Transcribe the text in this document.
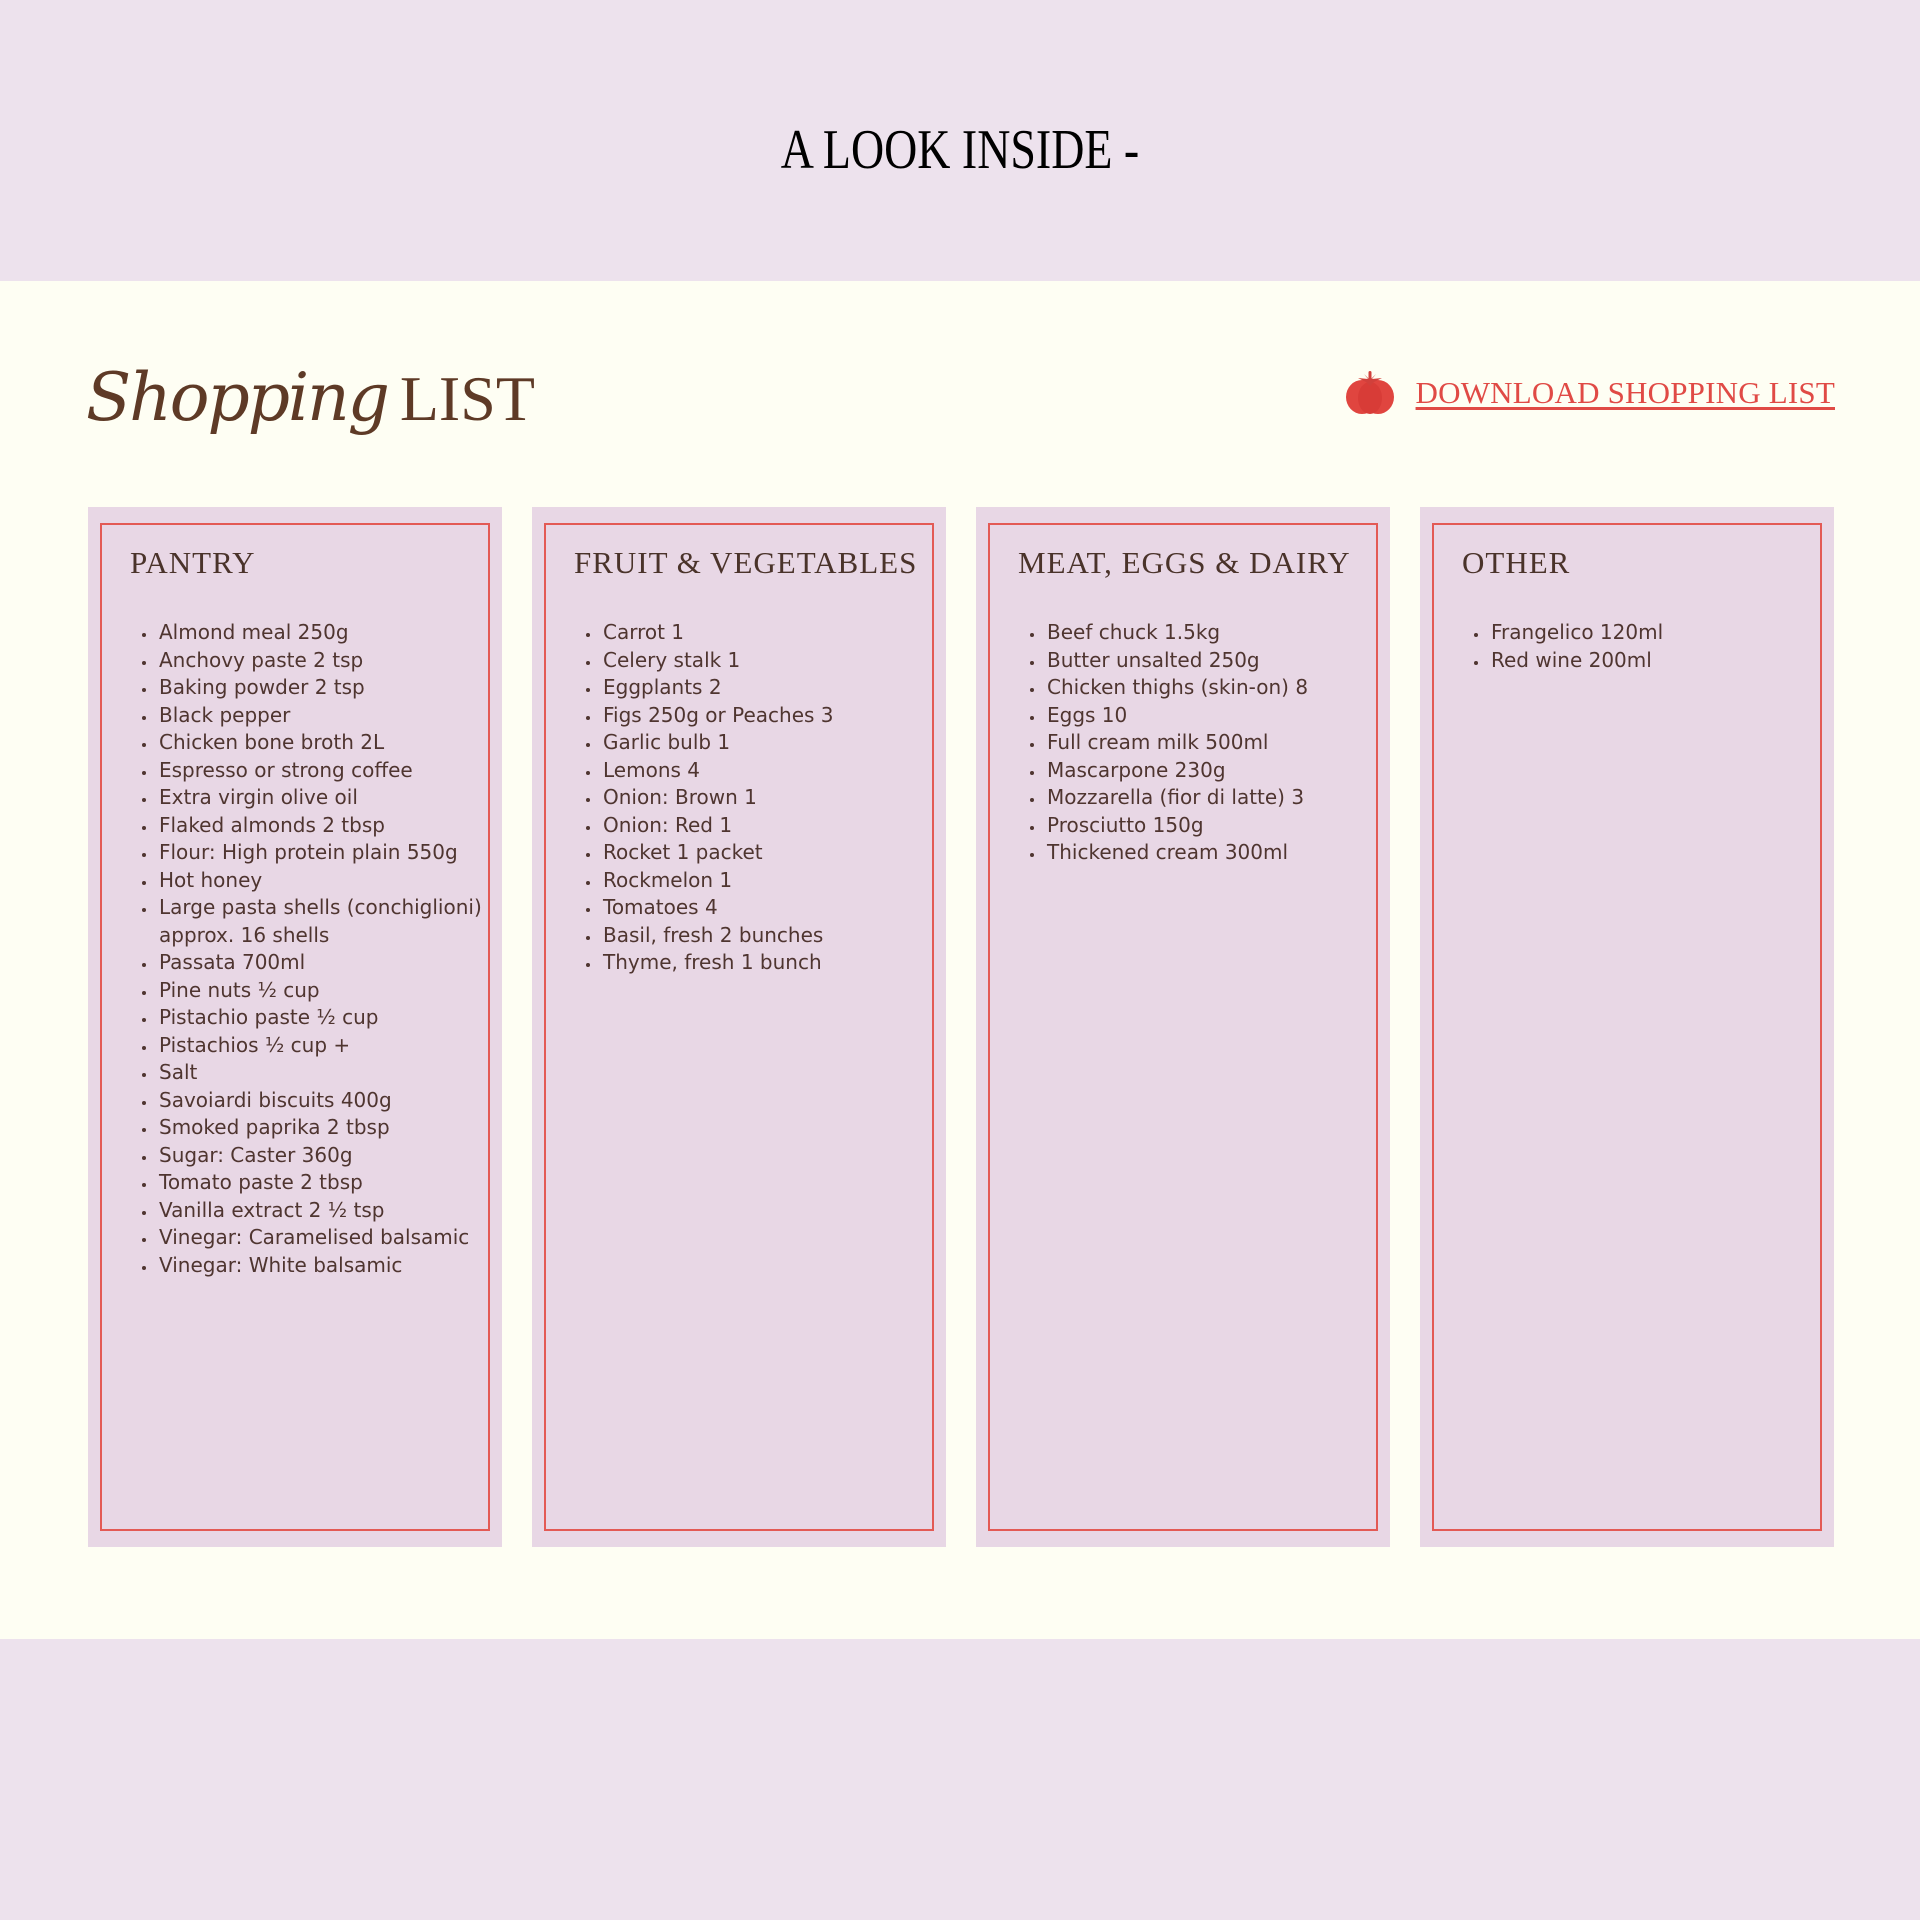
A LOOK INSIDE -
Shopping LIST	DOWNLOAD SHOPPING LIST
PANTRY
• Almond meal 250g
• Anchovy paste 2 tsp
• Baking powder 2 tsp
• Black pepper
• Chicken bone broth 2L
• Espresso or strong coffee
• Extra virgin olive oil
• Flaked almonds 2 tbsp
• Flour: High protein plain 550g
• Hot honey
• Large pasta shells (conchiglioni) approx. 16 shells
• Passata 700ml
• Pine nuts ½ cup
• Pistachio paste ½ cup
• Pistachios ½ cup +
• Salt
• Savoiardi biscuits 400g
• Smoked paprika 2 tbsp
• Sugar: Caster 360g
• Tomato paste 2 tbsp
• Vanilla extract 2 ½ tsp
• Vinegar: Caramelised balsamic
• Vinegar: White balsamic
FRUIT & VEGETABLES
• Carrot 1
• Celery stalk 1
• Eggplants 2
• Figs 250g or Peaches 3
• Garlic bulb 1
• Lemons 4
• Onion: Brown 1
• Onion: Red 1
• Rocket 1 packet
• Rockmelon 1
• Tomatoes 4
• Basil, fresh 2 bunches
• Thyme, fresh 1 bunch
MEAT, EGGS & DAIRY
• Beef chuck 1.5kg
• Butter unsalted 250g
• Chicken thighs (skin-on) 8
• Eggs 10
• Full cream milk 500ml
• Mascarpone 230g
• Mozzarella (fior di latte) 3
• Prosciutto 150g
• Thickened cream 300ml
OTHER
• Frangelico 120ml
• Red wine 200ml
